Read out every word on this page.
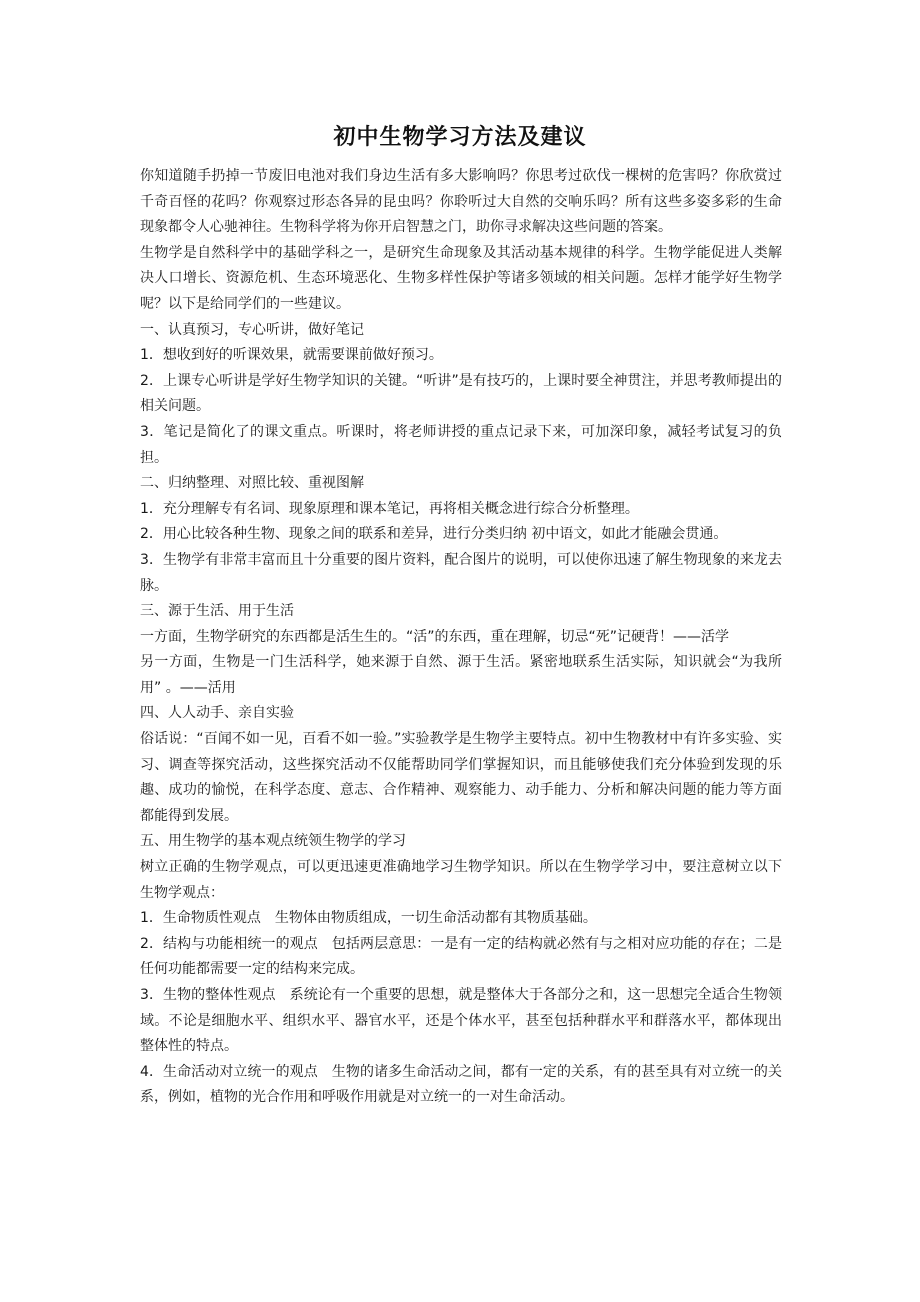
初中生物学习方法及建议

你知道随手扔掉一节废旧电池对我们身边生活有多大影响吗？你思考过砍伐一棵树的危害吗？你欣赏过千奇百怪的花吗？你观察过形态各异的昆虫吗？你聆听过大自然的交响乐吗？所有这些多姿多彩的生命现象都令人心驰神往。生物科学将为你开启智慧之门，助你寻求解决这些问题的答案。

生物学是自然科学中的基础学科之一，是研究生命现象及其活动基本规律的科学。生物学能促进人类解决人口增长、资源危机、生态环境恶化、生物多样性保护等诸多领域的相关问题。怎样才能学好生物学呢？以下是给同学们的一些建议。

一、认真预习，专心听讲，做好笔记

1．想收到好的听课效果，就需要课前做好预习。

2．上课专心听讲是学好生物学知识的关键。“听讲”是有技巧的，上课时要全神贯注，并思考教师提出的相关问题。

3．笔记是简化了的课文重点。听课时，将老师讲授的重点记录下来，可加深印象，减轻考试复习的负担。

二、归纳整理、对照比较、重视图解

1．充分理解专有名词、现象原理和课本笔记，再将相关概念进行综合分析整理。

2．用心比较各种生物、现象之间的联系和差异，进行分类归纳 初中语文，如此才能融会贯通。

3．生物学有非常丰富而且十分重要的图片资料，配合图片的说明，可以使你迅速了解生物现象的来龙去脉。

三、源于生活、用于生活

一方面，生物学研究的东西都是活生生的。“活”的东西，重在理解，切忌“死”记硬背！——活学

另一方面，生物是一门生活科学，她来源于自然、源于生活。紧密地联系生活实际，知识就会“为我所用” 。——活用

四、人人动手、亲自实验

俗话说：“百闻不如一见，百看不如一验。”实验教学是生物学主要特点。初中生物教材中有许多实验、实习、调查等探究活动，这些探究活动不仅能帮助同学们掌握知识，而且能够使我们充分体验到发现的乐趣、成功的愉悦，在科学态度、意志、合作精神、观察能力、动手能力、分析和解决问题的能力等方面都能得到发展。

五、用生物学的基本观点统领生物学的学习

树立正确的生物学观点，可以更迅速更准确地学习生物学知识。所以在生物学学习中，要注意树立以下生物学观点：

1．生命物质性观点　生物体由物质组成，一切生命活动都有其物质基础。

2．结构与功能相统一的观点　包括两层意思：一是有一定的结构就必然有与之相对应功能的存在；二是任何功能都需要一定的结构来完成。

3．生物的整体性观点　系统论有一个重要的思想，就是整体大于各部分之和，这一思想完全适合生物领域。不论是细胞水平、组织水平、器官水平，还是个体水平，甚至包括种群水平和群落水平，都体现出整体性的特点。

4．生命活动对立统一的观点　生物的诸多生命活动之间，都有一定的关系，有的甚至具有对立统一的关系，例如，植物的光合作用和呼吸作用就是对立统一的一对生命活动。
